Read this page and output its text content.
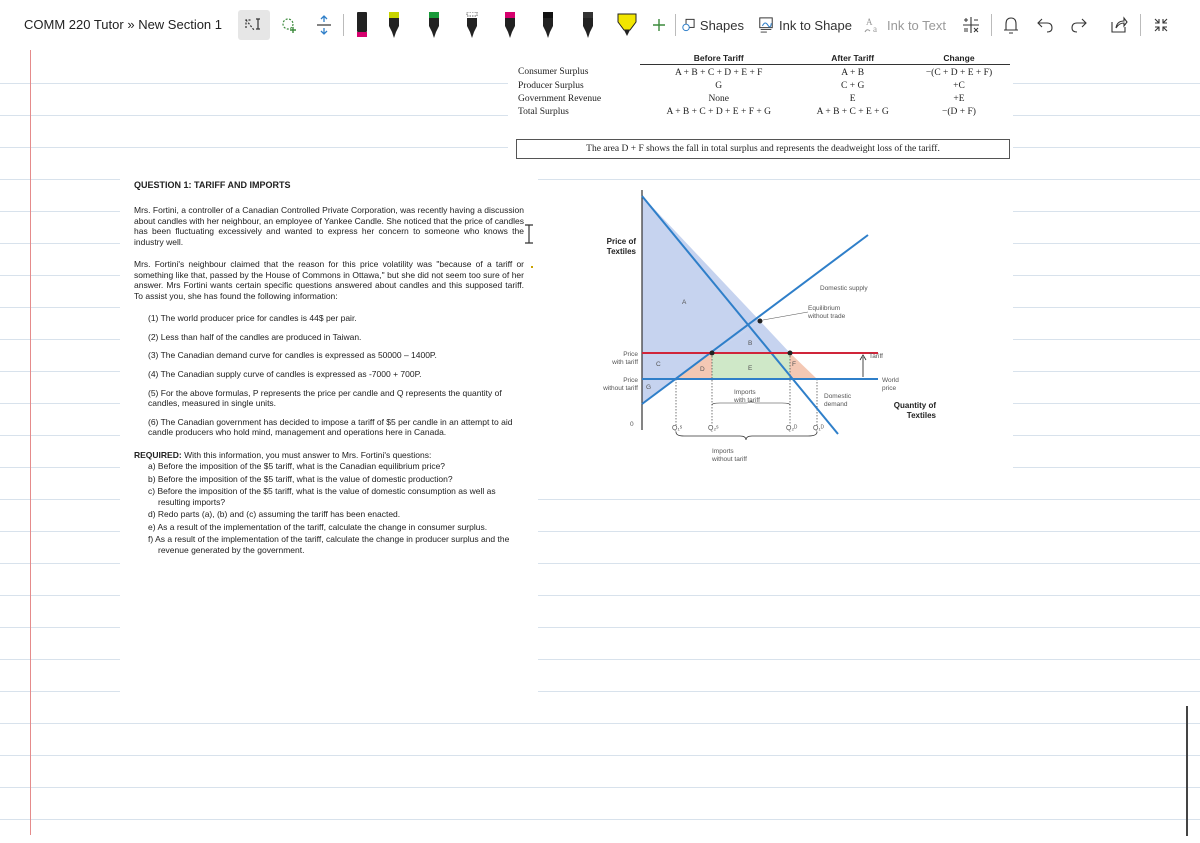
COMM 220 Tutor » New Section 1	Shapes	Ink to Shape A
a Ink to Text
	Before Tariff	After Tariff	Change
Consumer Surplus	A + B + C + D + E + F	A + B	−(C + D + E + F)
Producer Surplus	G	C + G	+C
Government Revenue	None	E	+E
Total Surplus	A + B + C + D + E + F + G	A + B + C + E + G	−(D + F)
The area D + F shows the fall in total surplus and represents the deadweight loss of the tariff.
Price of Textiles
Quantity of Textiles
0
Domestic supply
Equilibrium without trade
Tariff
World price
Domestic demand
Price with tariff
Price without tariff
Imports with tariff
Imports without tariff
Q₁ˢ	Q₂ˢ	Q₂ᴰ Q₁ᴰ
A
B
C
D	E
F
G
QUESTION 1: TARIFF AND IMPORTS

Mrs. Fortini, a controller of a Canadian Controlled Private Corporation, was recently having a discussion about candles with her neighbour, an employee of Yankee Candle. She noticed that the price of candles has been fluctuating excessively and wanted to express her concern to someone who knows the industry well.

Mrs. Fortini's neighbour claimed that the reason for this price volatility was "because of a tariff or something like that, passed by the House of Commons in Ottawa," but she did not seem too sure of her answer. Mrs Fortini wants certain specific questions answered about candles and this supposed tariff. To assist you, she has found the following information:

(1) The world producer price for candles is 44$ per pair.
(2) Less than half of the candles are produced in Taiwan.
(3) The Canadian demand curve for candles is expressed as 50000 – 1400P.
(4) The Canadian supply curve of candles is expressed as -7000 + 700P.
(5) For the above formulas, P represents the price per candle and Q represents the quantity of candles, measured in single units.
(6) The Canadian government has decided to impose a tariff of $5 per candle in an attempt to aid candle producers who hold mind, management and operations here in Canada.
REQUIRED: With this information, you must answer to Mrs. Fortini's questions:
a) Before the imposition of the $5 tariff, what is the Canadian equilibrium price?
b) Before the imposition of the $5 tariff, what is the value of domestic production?
c) Before the imposition of the $5 tariff, what is the value of domestic consumption as well as resulting imports?
d) Redo parts (a), (b) and (c) assuming the tariff has been enacted.
e) As a result of the implementation of the tariff, calculate the change in consumer surplus.
f) As a result of the implementation of the tariff, calculate the change in producer surplus and the revenue generated by the government.
